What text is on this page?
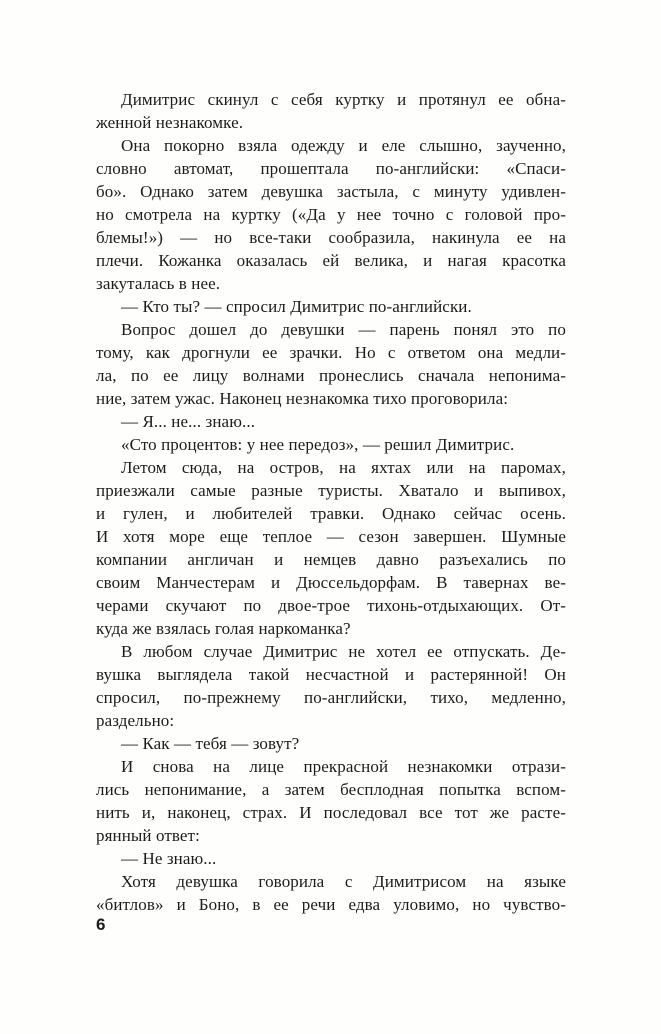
Димитрис скинул с себя куртку и протянул ее обна-
женной незнакомке.
Она покорно взяла одежду и еле слышно, заученно,
словно автомат, прошептала по-английски: «Спаси-
бо». Однако затем девушка застыла, с минуту удивлен-
но смотрела на куртку («Да у нее точно с головой про-
блемы!») — но все-таки сообразила, накинула ее на
плечи. Кожанка оказалась ей велика, и нагая красотка
закуталась в нее.
— Кто ты? — спросил Димитрис по-английски.
Вопрос дошел до девушки — парень понял это по
тому, как дрогнули ее зрачки. Но с ответом она медли-
ла, по ее лицу волнами пронеслись сначала непонима-
ние, затем ужас. Наконец незнакомка тихо проговорила:
— Я... не... знаю...
«Сто процентов: у нее передоз», — решил Димитрис.
Летом сюда, на остров, на яхтах или на паромах,
приезжали самые разные туристы. Хватало и выпивох,
и гулен, и любителей травки. Однако сейчас осень.
И хотя море еще теплое — сезон завершен. Шумные
компании англичан и немцев давно разъехались по
своим Манчестерам и Дюссельдорфам. В тавернах ве-
черами скучают по двое-трое тихонь-отдыхающих. От-
куда же взялась голая наркоманка?
В любом случае Димитрис не хотел ее отпускать. Де-
вушка выглядела такой несчастной и растерянной! Он
спросил, по-прежнему по-английски, тихо, медленно,
раздельно:
— Как — тебя — зовут?
И снова на лице прекрасной незнакомки отрази-
лись непонимание, а затем бесплодная попытка вспом-
нить и, наконец, страх. И последовал все тот же расте-
рянный ответ:
— Не знаю...
Хотя девушка говорила с Димитрисом на языке
«битлов» и Боно, в ее речи едва уловимо, но чувство-
6
